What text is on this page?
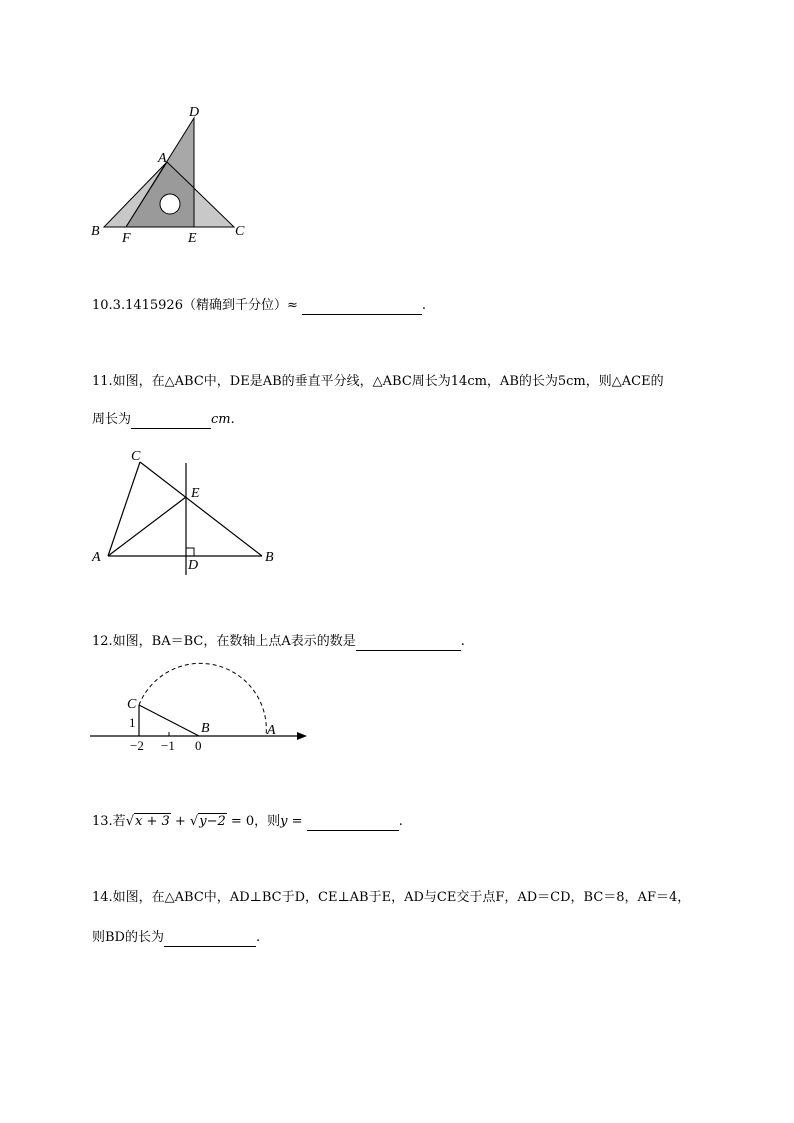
D
A
B F	E	C
10.3.1415926（精确到千分位）≈	.
11.如图，在△ABC中，DE是AB的垂直平分线，△ABC周长为14cm，AB的长为5cm，则△ACE的
周长为	cm.
C
E
A
D
B
12.如图，BA＝BC，在数轴上点A表示的数是	.
C
1	B	A
−2 −1 0
13.若√x + 3 + √y−2 = 0，则y =	.
14.如图，在△ABC中，AD⊥BC于D，CE⊥AB于E，AD与CE交于点F，AD＝CD，BC＝8，AF＝4，
则BD的长为	.
